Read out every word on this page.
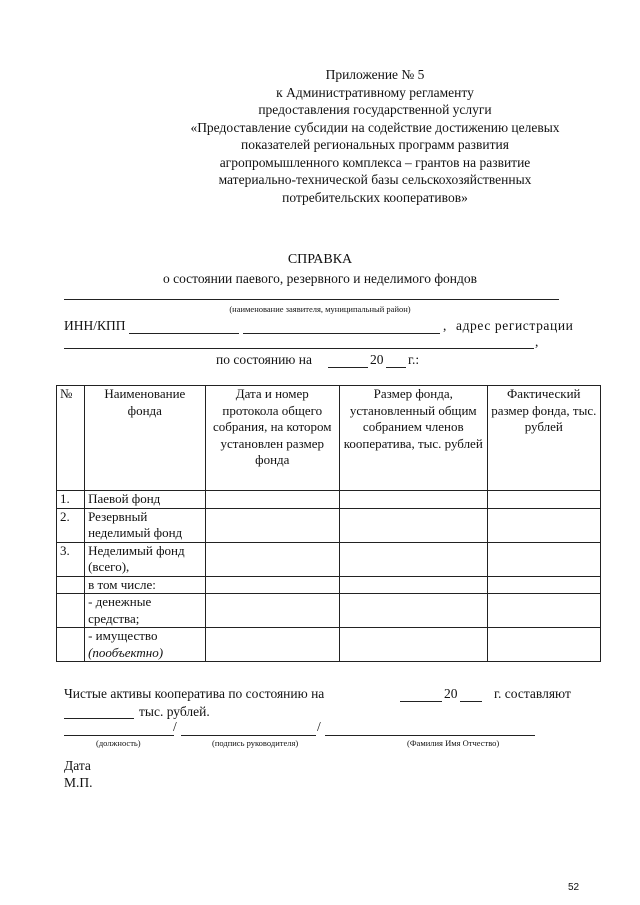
Приложение № 5
к Административному регламенту
предоставления государственной услуги
«Предоставление субсидии на содействие достижению целевых
показателей региональных программ развития
агропромышленного комплекса – грантов на развитие
материально-технической базы сельскохозяйственных
потребительских кооперативов»
СПРАВКА
о состоянии паевого, резервного и неделимого фондов
(наименование заявителя, муниципальный район)
ИНН/КПП	, адрес регистрации
,
по состоянию на	20 г.:
№	Наименование фонда	Дата и номер протокола общего собрания, на котором установлен размер фонда	Размер фонда, установленный общим собранием членов кооператива, тыс. рублей	Фактический размер фонда, тыс. рублей
1.	Паевой фонд			
2.	Резервный неделимый фонд			
3.	Неделимый фонд (всего),			
	в том числе:			
	- денежные средства;			

	- имущество
(пообъектно)			

Чистые активы кооператива по состоянию на	20	г. составляют
тыс. рублей.
/	/
(должность)	(подпись руководителя)	(Фамилия Имя Отчество)
Дата
М.П.
52
